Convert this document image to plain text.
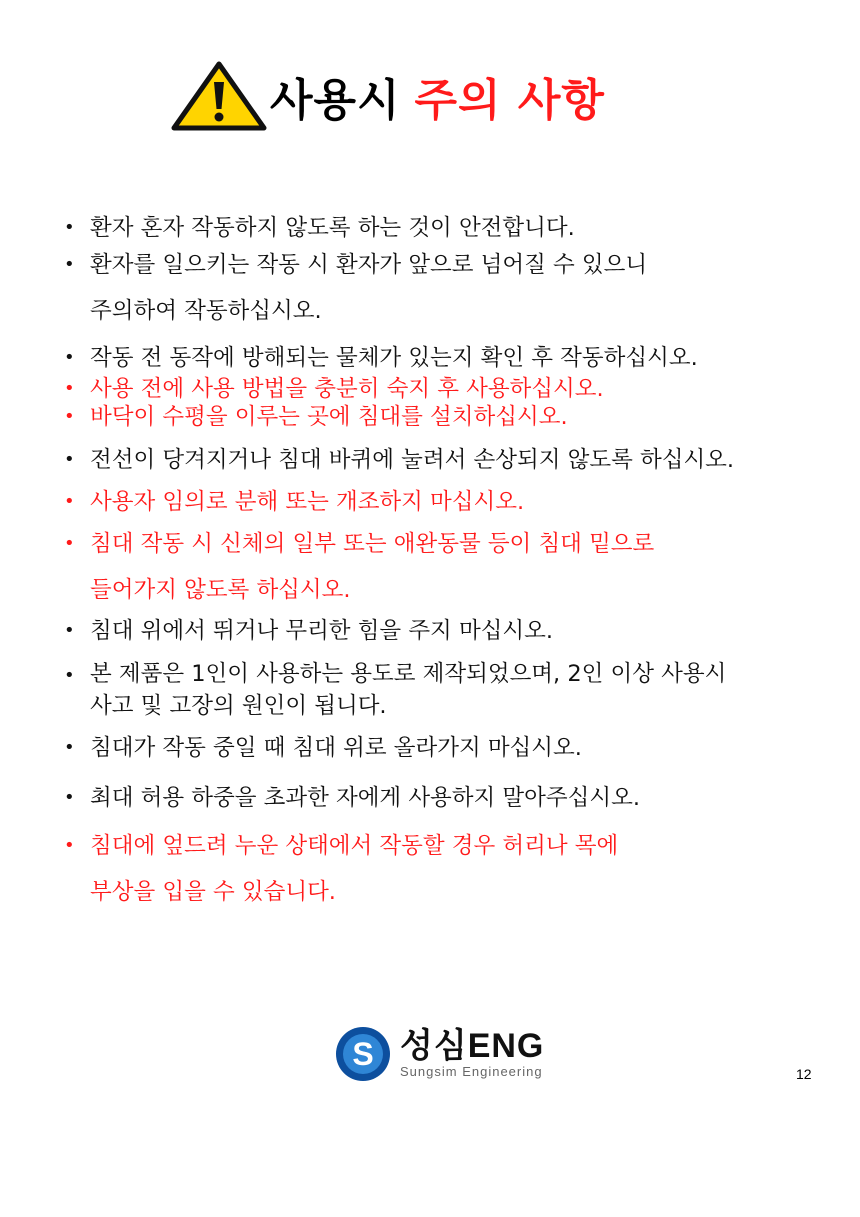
사용시 주의 사항
• 환자 혼자 작동하지 않도록 하는 것이 안전합니다.
• 환자를 일으키는 작동 시 환자가 앞으로 넘어질 수 있으니
주의하여 작동하십시오.
• 작동 전 동작에 방해되는 물체가 있는지 확인 후 작동하십시오.
• 사용 전에 사용 방법을 충분히 숙지 후 사용하십시오.
• 바닥이 수평을 이루는 곳에 침대를 설치하십시오.
• 전선이 당겨지거나 침대 바퀴에 눌려서 손상되지 않도록 하십시오.
• 사용자 임의로 분해 또는 개조하지 마십시오.
• 침대 작동 시 신체의 일부 또는 애완동물 등이 침대 밑으로
들어가지 않도록 하십시오.
• 침대 위에서 뛰거나 무리한 힘을 주지 마십시오.
• 본 제품은 1인이 사용하는 용도로 제작되었으며, 2인 이상 사용시
사고 및 고장의 원인이 됩니다.
• 침대가 작동 중일 때 침대 위로 올라가지 마십시오.
• 최대 허용 하중을 초과한 자에게 사용하지 말아주십시오.
• 침대에 엎드려 누운 상태에서 작동할 경우 허리나 목에
부상을 입을 수 있습니다.
S 성심ENG
Sungsim Engineering	12
